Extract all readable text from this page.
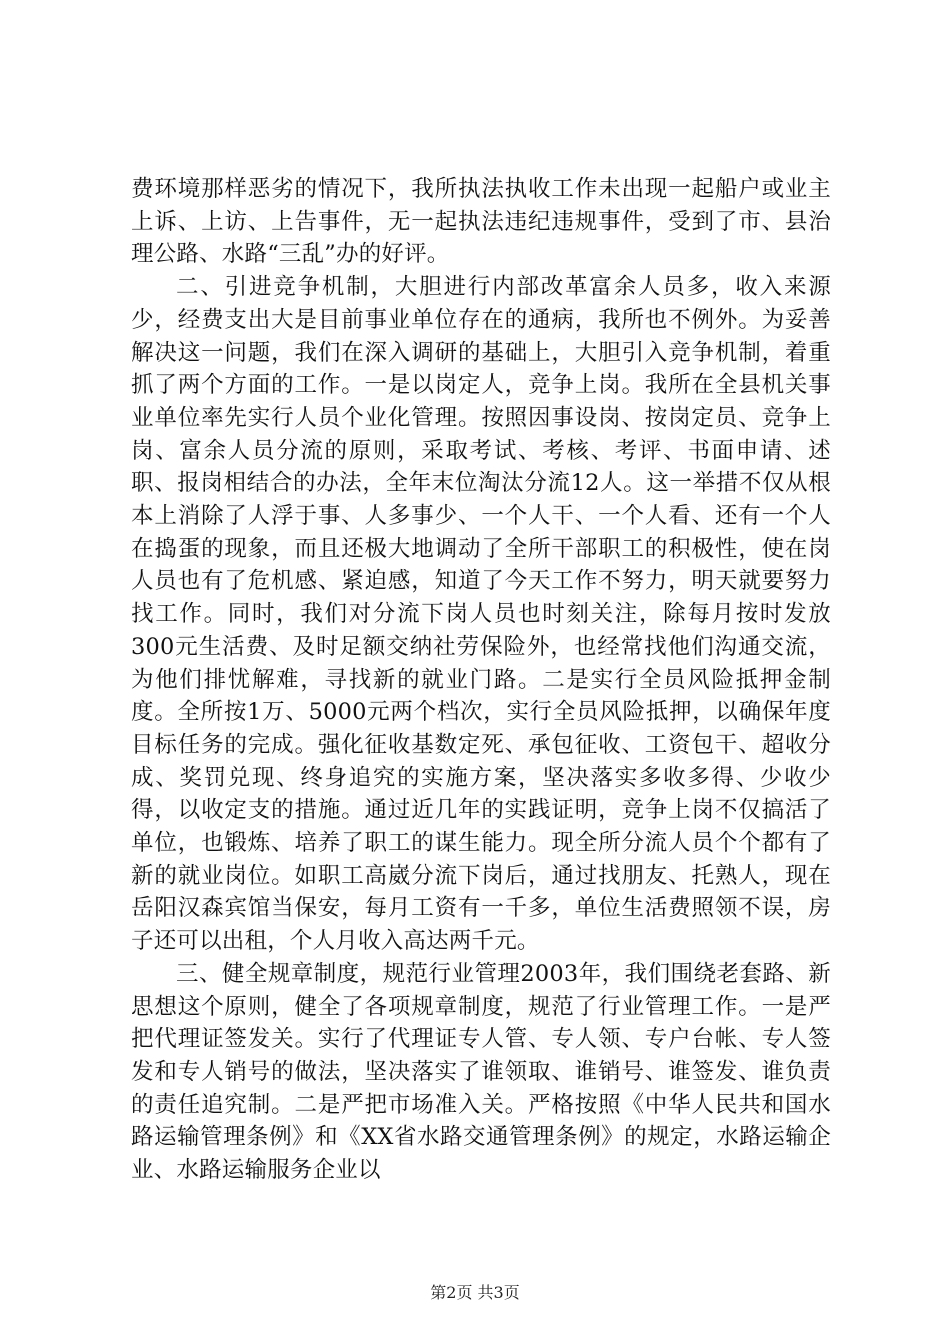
费环境那样恶劣的情况下，我所执法执收工作未出现一起船户或业主上诉、上访、上告事件，无一起执法违纪违规事件，受到了市、县治理公路、水路“三乱”办的好评。

二、引进竞争机制，大胆进行内部改革富余人员多，收入来源少，经费支出大是目前事业单位存在的通病，我所也不例外。为妥善解决这一问题，我们在深入调研的基础上，大胆引入竞争机制，着重抓了两个方面的工作。一是以岗定人，竞争上岗。我所在全县机关事业单位率先实行人员个业化管理。按照因事设岗、按岗定员、竞争上岗、富余人员分流的原则，采取考试、考核、考评、书面申请、述职、报岗相结合的办法，全年末位淘汰分流12人。这一举措不仅从根本上消除了人浮于事、人多事少、一个人干、一个人看、还有一个人在捣蛋的现象，而且还极大地调动了全所干部职工的积极性，使在岗人员也有了危机感、紧迫感，知道了今天工作不努力，明天就要努力找工作。同时，我们对分流下岗人员也时刻关注，除每月按时发放300元生活费、及时足额交纳社劳保险外，也经常找他们沟通交流，为他们排忧解难，寻找新的就业门路。二是实行全员风险抵押金制度。全所按1万、5000元两个档次，实行全员风险抵押，以确保年度目标任务的完成。强化征收基数定死、承包征收、工资包干、超收分成、奖罚兑现、终身追究的实施方案，坚决落实多收多得、少收少得，以收定支的措施。通过近几年的实践证明，竞争上岗不仅搞活了单位，也锻炼、培养了职工的谋生能力。现全所分流人员个个都有了新的就业岗位。如职工高崴分流下岗后，通过找朋友、托熟人，现在岳阳汉森宾馆当保安，每月工资有一千多，单位生活费照领不误，房子还可以出租，个人月收入高达两千元。

三、健全规章制度，规范行业管理2003年，我们围绕老套路、新思想这个原则，健全了各项规章制度，规范了行业管理工作。一是严把代理证签发关。实行了代理证专人管、专人领、专户台帐、专人签发和专人销号的做法，坚决落实了谁领取、谁销号、谁签发、谁负责的责任追究制。二是严把市场准入关。严格按照《中华人民共和国水路运输管理条例》和《XX省水路交通管理条例》的规定，水路运输企业、水路运输服务企业以

第2页 共3页
